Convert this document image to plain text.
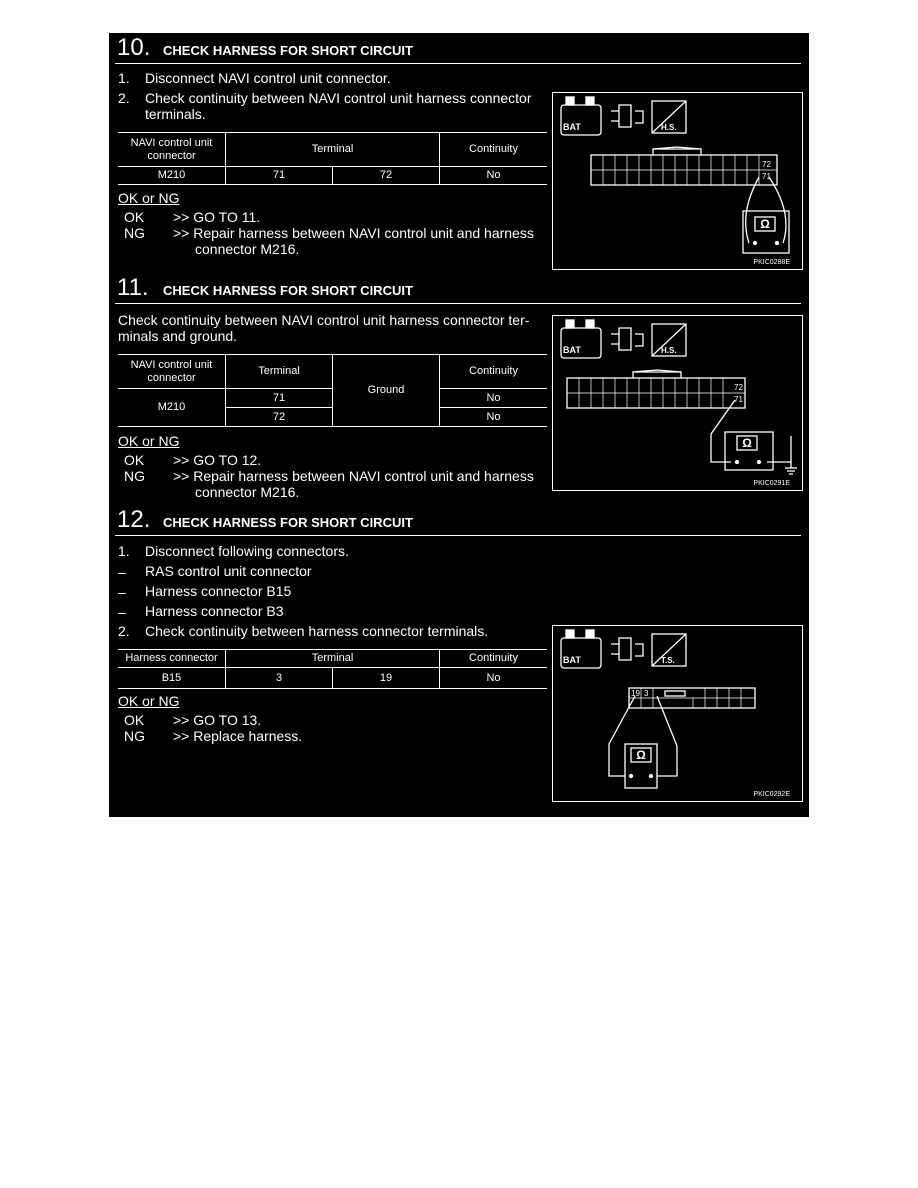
10. CHECK HARNESS FOR SHORT CIRCUIT
1. Disconnect NAVI control unit connector.
2. Check continuity between NAVI control unit harness connector
terminals.
NAVI control unit
connector	Terminal		Continuity
M210	71	72	No
OK or NG
OK >> GO TO 11.
NG >> Repair harness between NAVI control unit and harness
connector M216.
Ω
BAT	H.S.
72
71
PKIC0288E
11. CHECK HARNESS FOR SHORT CIRCUIT
Check continuity between NAVI control unit harness connector ter-
minals and ground.
NAVI control unit
connector	Terminal	Ground	Continuity
M210	71		No
	72		No
OK or NG
OK >> GO TO 12.
NG >> Repair harness between NAVI control unit and harness
connector M216.
Ω
BAT	H.S.
72
71
PKIC0291E
12. CHECK HARNESS FOR SHORT CIRCUIT
1. Disconnect following connectors.
– RAS control unit connector
– Harness connector B15
– Harness connector B3
2. Check continuity between harness connector terminals.
Harness connector	Terminal		Continuity
B15	3	19	No
OK or NG
OK >> GO TO 13.
NG >> Replace harness.
Ω
BAT	T.S.
19 3
PKIC0292E
